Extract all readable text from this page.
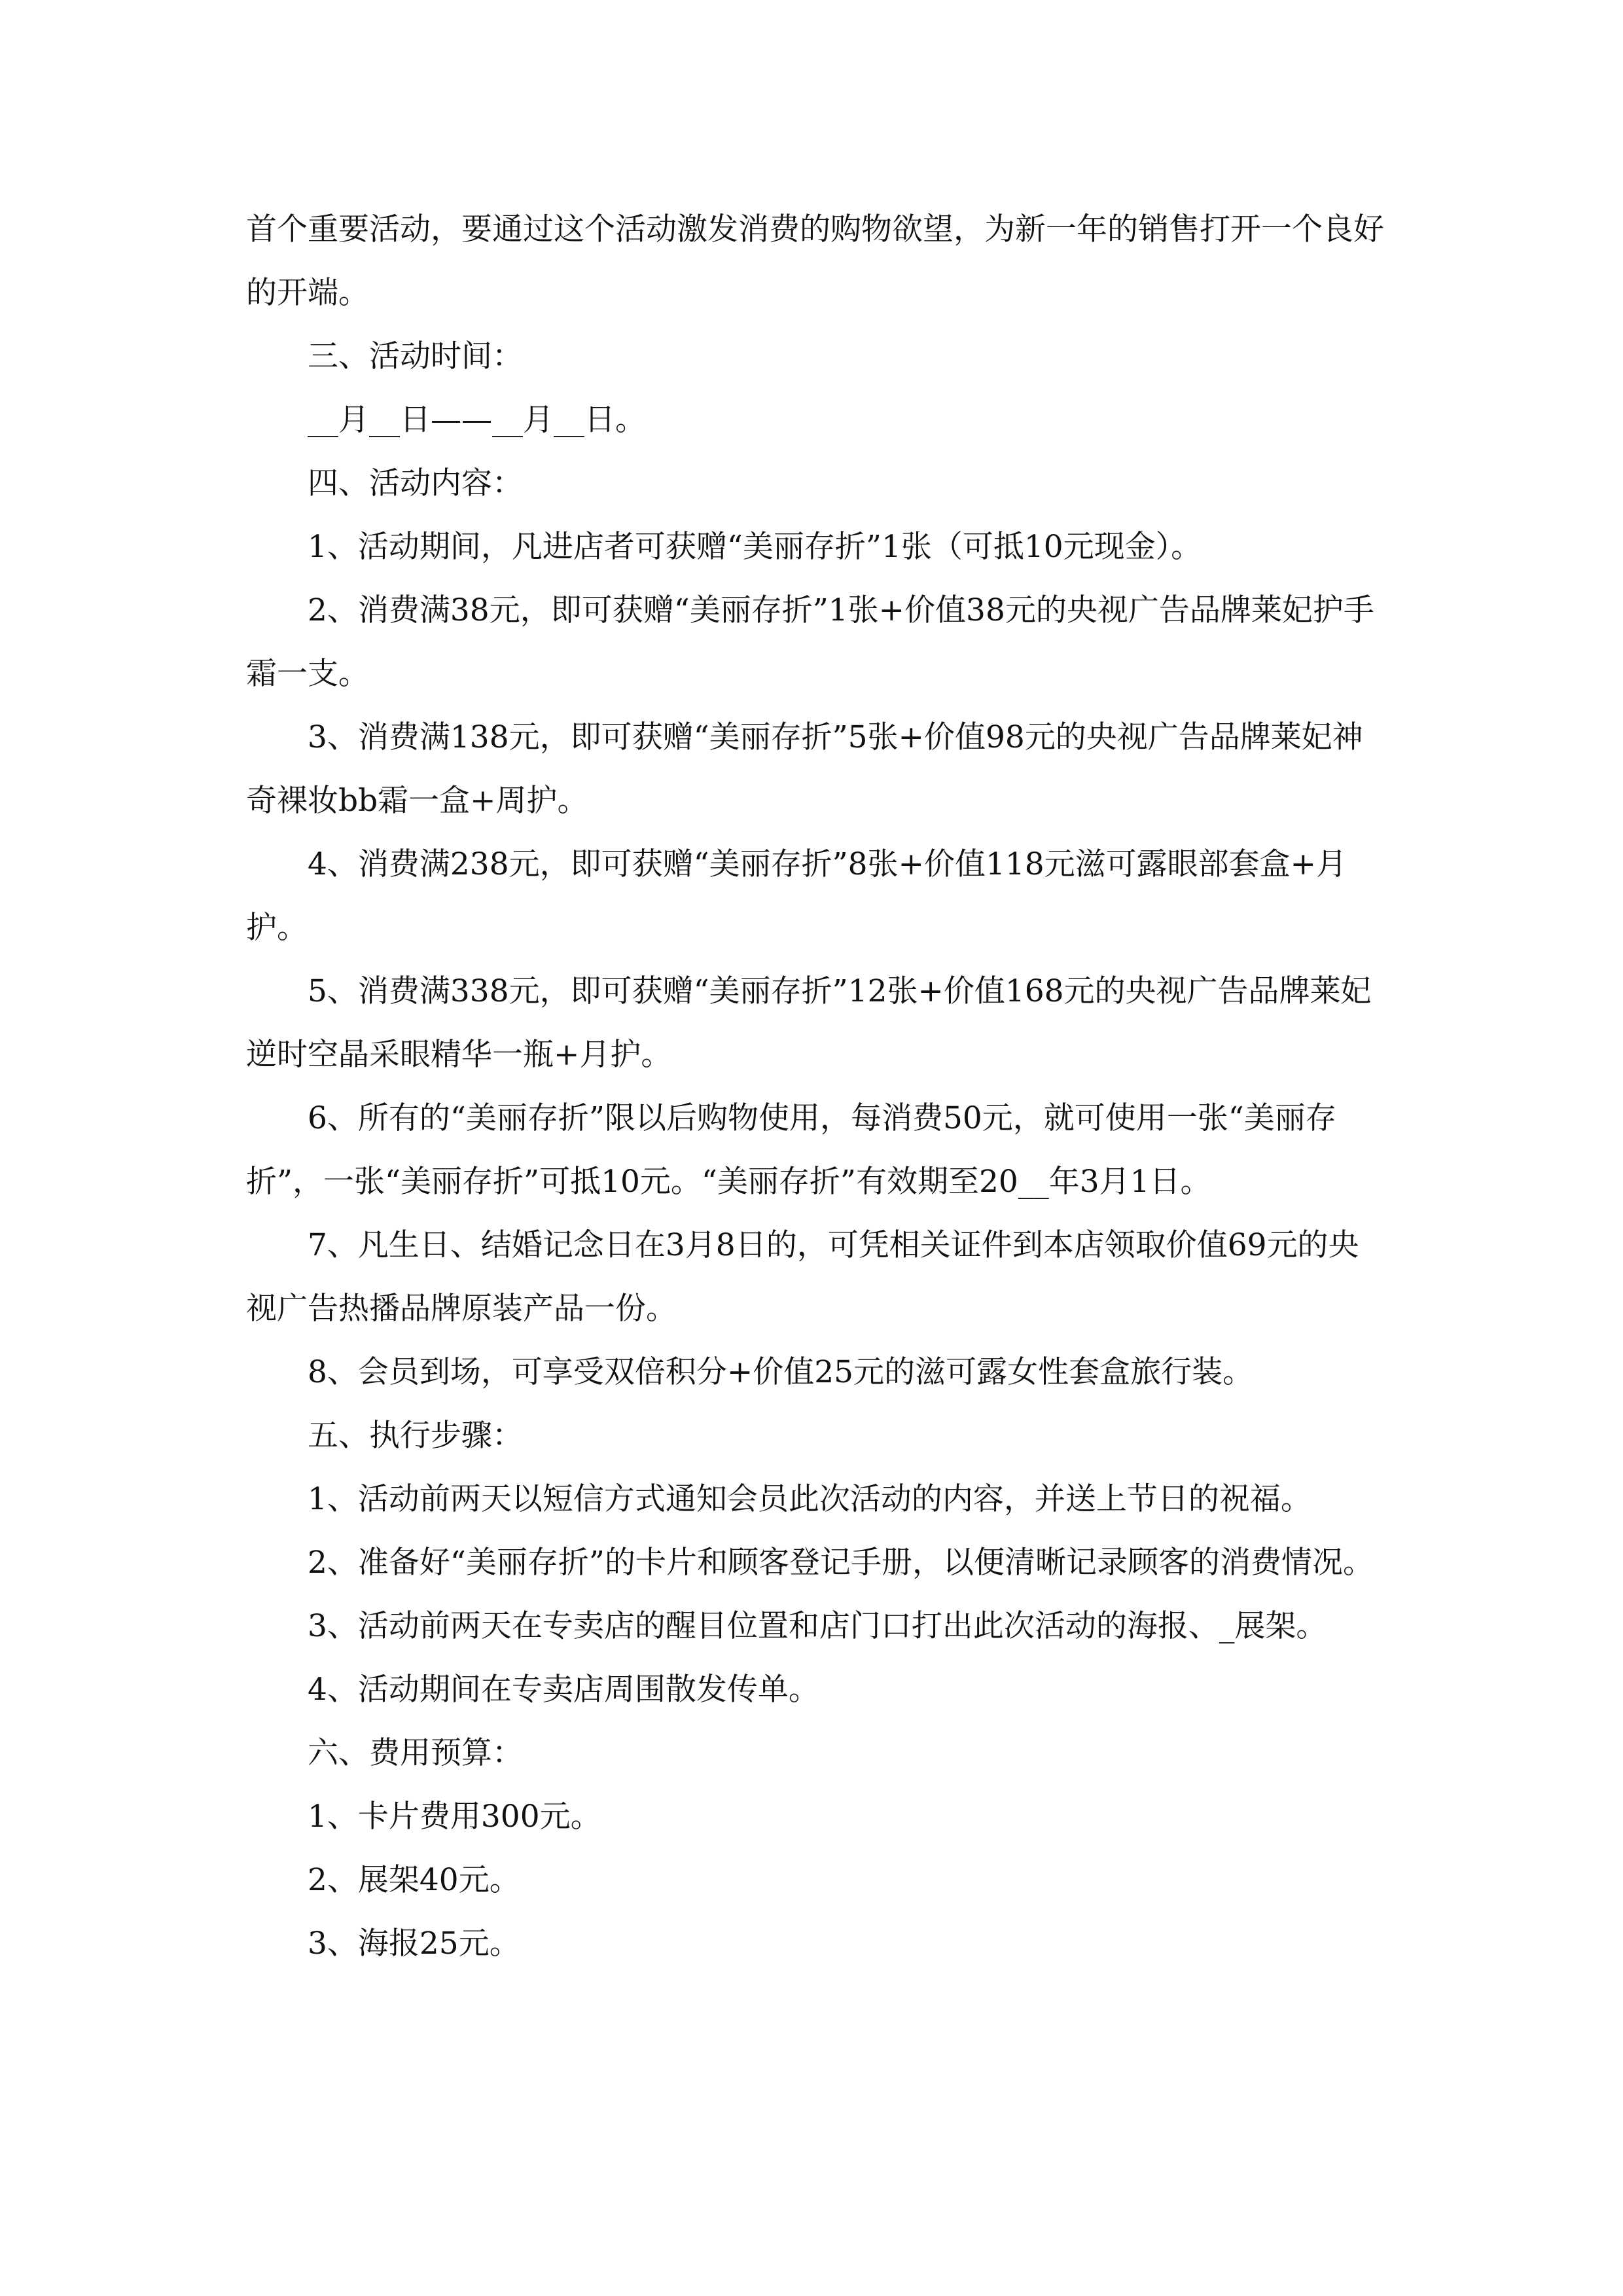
首个重要活动，要通过这个活动激发消费的购物欲望，为新一年的销售打开一个良好的开端。

三、活动时间：

__月__日——__月__日。

四、活动内容：

1、活动期间，凡进店者可获赠“美丽存折”1张（可抵10元现金）。

2、消费满38元，即可获赠“美丽存折”1张+价值38元的央视广告品牌莱妃护手霜一支。

3、消费满138元，即可获赠“美丽存折”5张+价值98元的央视广告品牌莱妃神奇裸妆bb霜一盒+周护。

4、消费满238元，即可获赠“美丽存折”8张+价值118元滋可露眼部套盒+月护。

5、消费满338元，即可获赠“美丽存折”12张+价值168元的央视广告品牌莱妃逆时空晶采眼精华一瓶+月护。

6、所有的“美丽存折”限以后购物使用，每消费50元，就可使用一张“美丽存折”，一张“美丽存折”可抵10元。“美丽存折”有效期至20__年3月1日。

7、凡生日、结婚记念日在3月8日的，可凭相关证件到本店领取价值69元的央视广告热播品牌原装产品一份。

8、会员到场，可享受双倍积分+价值25元的滋可露女性套盒旅行装。

五、执行步骤：

1、活动前两天以短信方式通知会员此次活动的内容，并送上节日的祝福。

2、准备好“美丽存折”的卡片和顾客登记手册，以便清晰记录顾客的消费情况。

3、活动前两天在专卖店的醒目位置和店门口打出此次活动的海报、_展架。

4、活动期间在专卖店周围散发传单。

六、费用预算：

1、卡片费用300元。

2、展架40元。

3、海报25元。
